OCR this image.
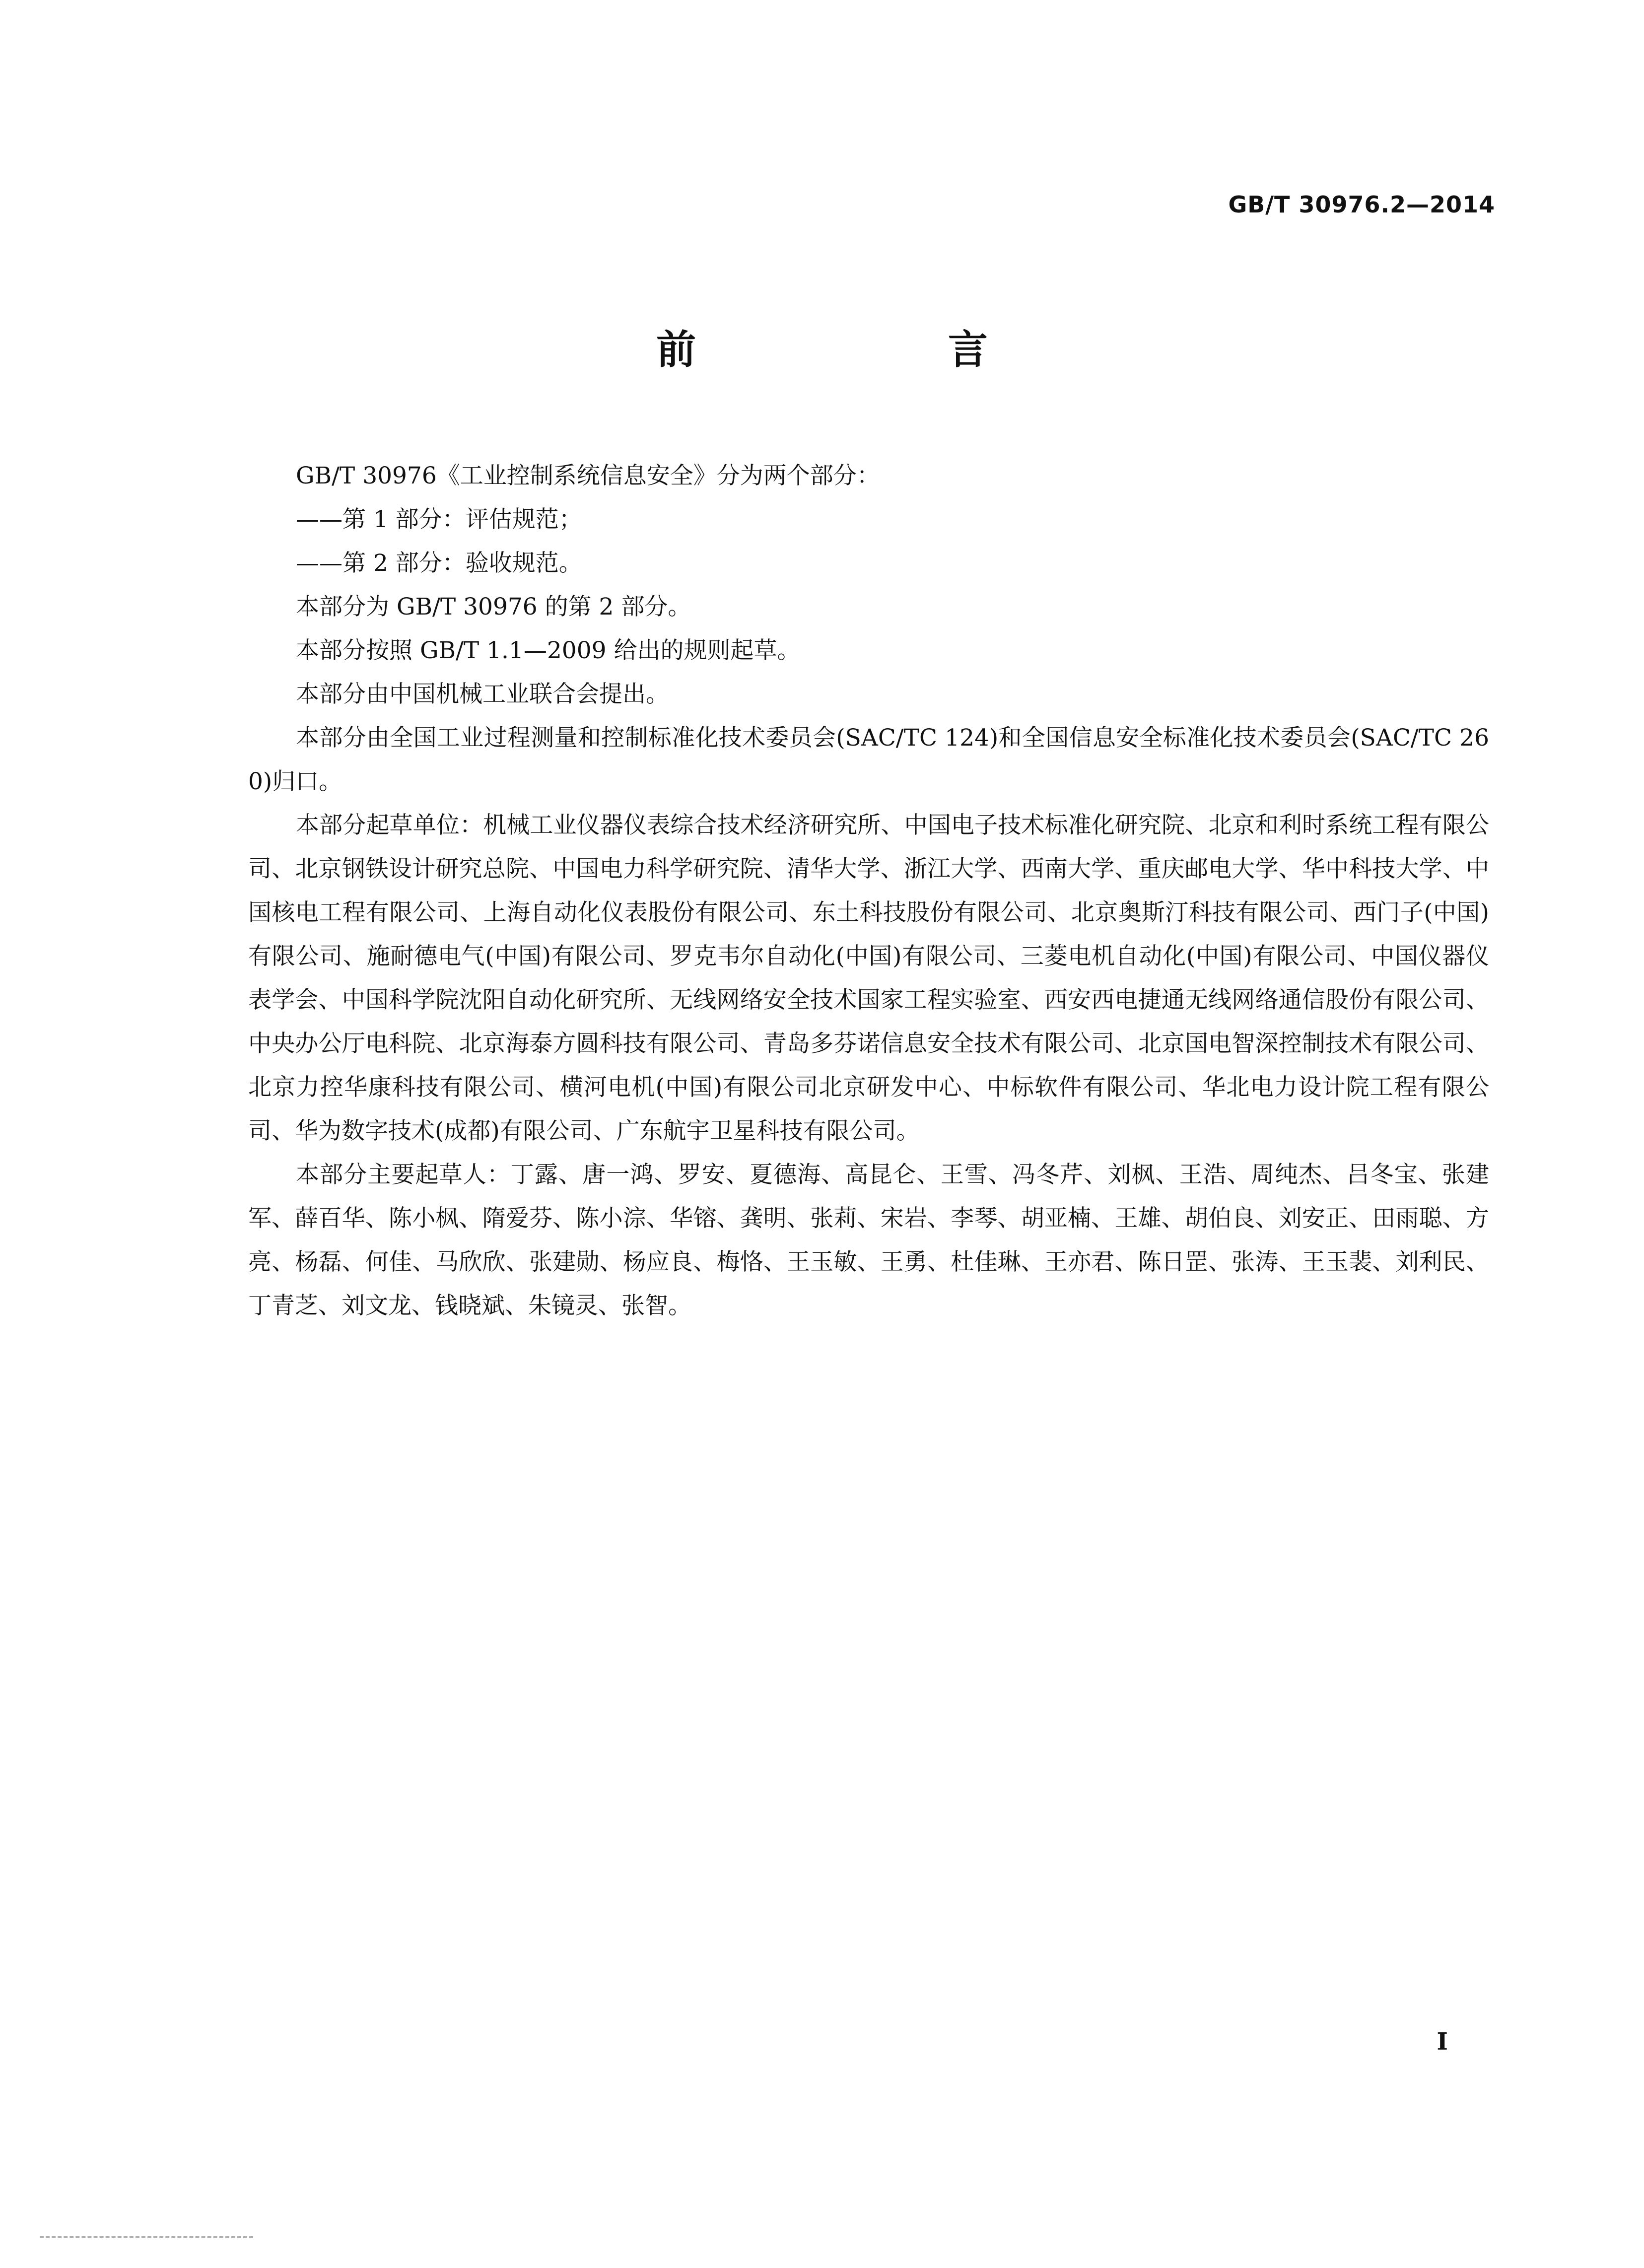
GB/T 30976.2—2014
前 言

GB/T 30976《工业控制系统信息安全》分为两个部分：

——第 1 部分：评估规范；

——第 2 部分：验收规范。

本部分为 GB/T 30976 的第 2 部分。

本部分按照 GB/T 1.1—2009 给出的规则起草。

本部分由中国机械工业联合会提出。

本部分由全国工业过程测量和控制标准化技术委员会(SAC/TC 124)和全国信息安全标准化技术委员会(SAC/TC 260)归口。

本部分起草单位：机械工业仪器仪表综合技术经济研究所、中国电子技术标准化研究院、北京和利时系统工程有限公司、北京钢铁设计研究总院、中国电力科学研究院、清华大学、浙江大学、西南大学、重庆邮电大学、华中科技大学、中国核电工程有限公司、上海自动化仪表股份有限公司、东土科技股份有限公司、北京奥斯汀科技有限公司、西门子(中国)有限公司、施耐德电气(中国)有限公司、罗克韦尔自动化(中国)有限公司、三菱电机自动化(中国)有限公司、中国仪器仪表学会、中国科学院沈阳自动化研究所、无线网络安全技术国家工程实验室、西安西电捷通无线网络通信股份有限公司、中央办公厅电科院、北京海泰方圆科技有限公司、青岛多芬诺信息安全技术有限公司、北京国电智深控制技术有限公司、北京力控华康科技有限公司、横河电机(中国)有限公司北京研发中心、中标软件有限公司、华北电力设计院工程有限公司、华为数字技术(成都)有限公司、广东航宇卫星科技有限公司。

本部分主要起草人：丁露、唐一鸿、罗安、夏德海、高昆仑、王雪、冯冬芹、刘枫、王浩、周纯杰、吕冬宝、张建军、薛百华、陈小枫、隋爱芬、陈小淙、华镕、龚明、张莉、宋岩、李琴、胡亚楠、王雄、胡伯良、刘安正、田雨聪、方亮、杨磊、何佳、马欣欣、张建勋、杨应良、梅恪、王玉敏、王勇、杜佳琳、王亦君、陈日罡、张涛、王玉裴、刘利民、丁青芝、刘文龙、钱晓斌、朱镜灵、张智。

I
